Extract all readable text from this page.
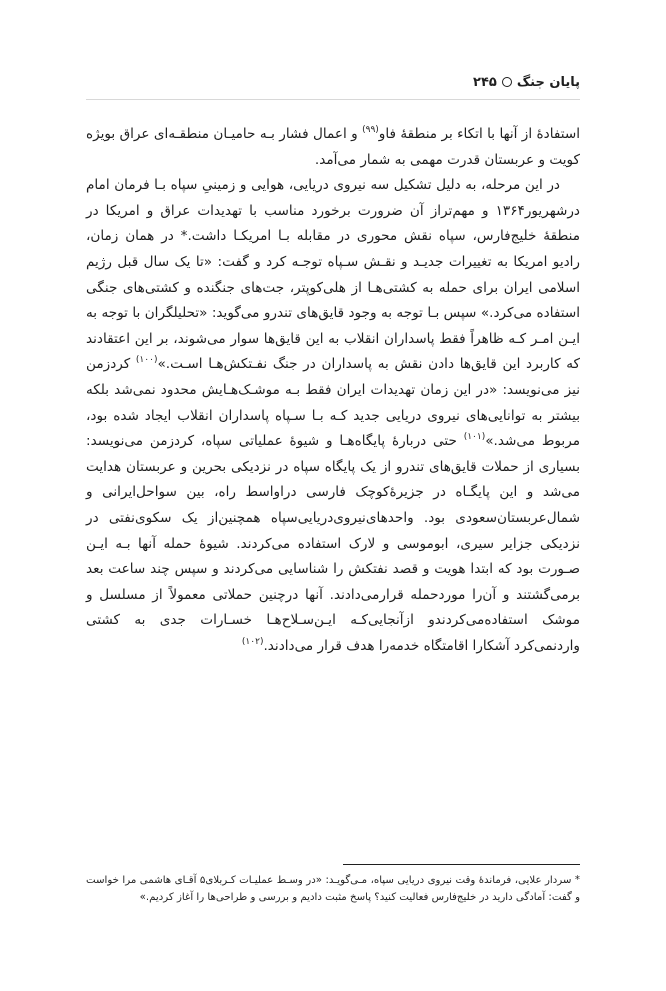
پایان جنگ۲۴۵

استفادۀ از آنها با اتکاء بر منطقۀ فاو$^{(۹۹)}$ و اعمال فشار بـه حامیـان منطقـه‌ای عراق بویژه کویت و عربستان قدرت مهمی به شمار می‌آمد.

در این مرحله، به دلیل تشکیل سه نیروی دریایی، هوایی و زمینیِ سپاه بـا فرمان امام درشهریور۱۳۶۴ و مهم‌تراز آن ضرورت برخورد مناسب با تهدیدات عراق و امریکا در منطقۀ خلیج‌فارس، سپاه نقش محوری در مقابله بـا امریکـا داشت.* در همان زمان، رادیو امریکا به تغییرات جدیـد و نقـش سـپاه توجـه کرد و گفت: «تا یک سال قبل رژیم اسلامی ایران برای حمله به کشتی‌هـا از هلی‌کوپتر، جت‌های جنگنده و کشتی‌های جنگی استفاده می‌کرد.» سپس بـا توجه به وجود قایق‌های تندرو می‌گوید: «تحلیلگران با توجه به ایـن امـر کـه ظاهراً فقط پاسداران انقلاب به این قایق‌ها سوار می‌شوند، بر این اعتقادند که کاربرد این قایق‌ها دادن نقش به پاسداران در جنگ نفـتکش‌هـا اسـت.»$^{(۱۰۰)}$ کردزمن نیز می‌نویسد: «در این زمان تهدیدات ایران فقط بـه موشـک‌هـایش محدود نمی‌شد بلکه بیشتر به توانایی‌های نیروی دریایی جدید کـه بـا سـپاه پاسداران انقلاب ایجاد شده بود، مربوط می‌شد.»$^{(۱۰۱)}$ حتی دربارۀ پایگاه‌هـا و شیوۀ عملیاتی سپاه، کردزمن می‌نویسد: بسیاری از حملات قایق‌های تندرو از یک پایگاه سپاه در نزدیکی بحرین و عربستان هدایت می‌شد و این پایگـاه در جزیرۀکوچک فارسی دراواسط راه، بین سواحل‌ایرانی و شمال‌عربستان‌سعودی بود. واحدهای‌نیروی‌دریایی‌سپاه همچنین‌از یک سکوی‌نفتی در نزدیکی جزایر سیری، ابوموسی و لارک استفاده می‌کردند. شیوۀ حمله آنها بـه ایـن صـورت بود که ابتدا هویت و قصد نفتکش را شناسایی می‌کردند و سپس چند ساعت بعد برمی‌گشتند و آن‌را موردحمله قرارمی‌دادند. آنها درچنین حملاتی معمولاً از مسلسل و موشک استفاده‌می‌کردندو ازآنجایی‌کـه ایـن‌سـلاح‌هـا خسـارات جدی به کشتی واردنمی‌کرد آشکارا اقامتگاه خدمه‌را هدف قرار می‌دادند.$^{(۱۰۲)}$

* سردار علایی، فرماندۀ وقت نیروی دریایی سپاه، مـی‌گویـد: «در وسـط عملیـات کـربلای۵ آقـای هاشمی مرا خواست و گفت: آمادگی دارید در خلیج‌فارس فعالیت کنید؟ پاسخ مثبت دادیم و بررسی و طراحی‌ها را آغاز کردیم.»
